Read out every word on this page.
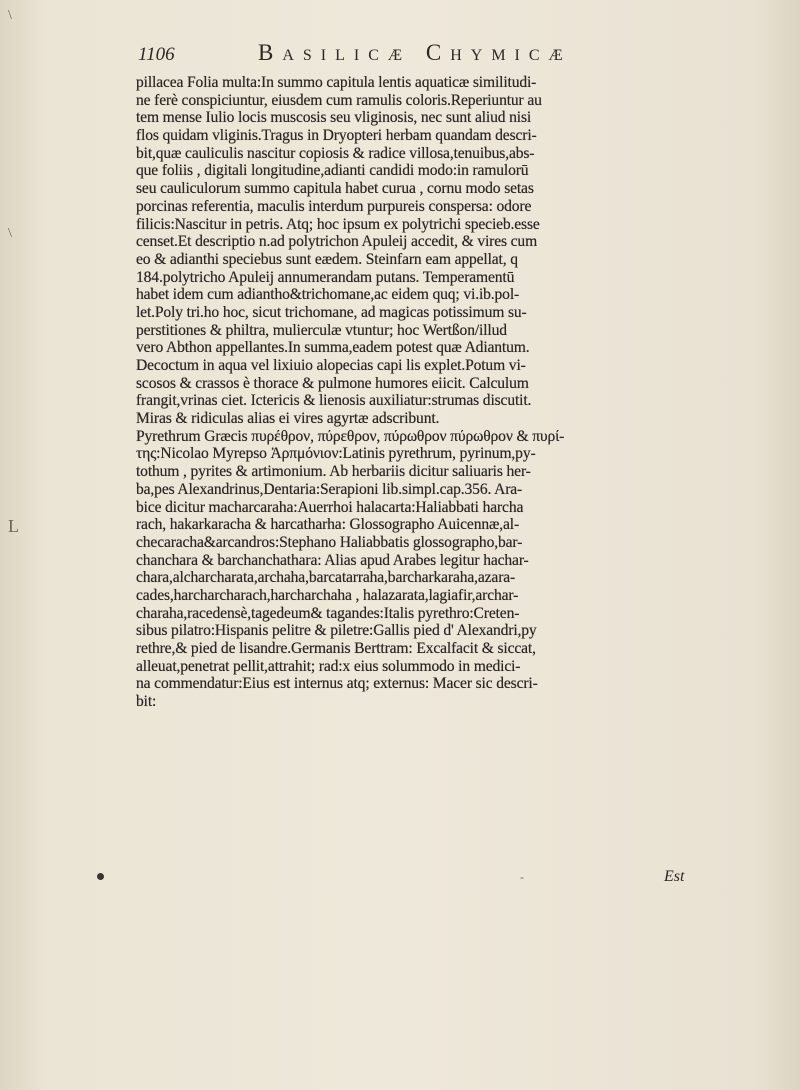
\
\
L
1106	Basilicæ Chymicæ
pillacea Folia multa:In summo capitula lentis aquaticæ similitudi-
ne ferè conspiciuntur, eiusdem cum ramulis coloris.Reperiuntur au
tem mense Iulio locis muscosis seu vliginosis, nec sunt aliud nisi
flos quidam vliginis.Tragus in Dryopteri herbam quandam descri-
bit,quæ cauliculis nascitur copiosis & radice villosa,tenuibus,abs-
que foliis , digitali longitudine,adianti candidi modo:in ramulorū
seu cauliculorum summo capitula habet curua , cornu modo setas
porcinas referentia, maculis interdum purpureis conspersa: odore
filicis:Nascitur in petris. Atq; hoc ipsum ex polytrichi specieb.esse
censet.Et descriptio n.ad polytrichon Apuleij accedit, & vires cum
eo & adianthi speciebus sunt eædem. Steinfarn eam appellat, q
184.polytricho Apuleij annumerandam putans. Temperamentū
habet idem cum adiantho&trichomane,ac eidem quq; vi.ib.pol-
let.Poly tri.ho hoc, sicut trichomane, ad magicas potissimum su-
perstitiones & philtra, mulierculæ vtuntur; hoc Wertßon/illud
vero Abthon appellantes.In summa,eadem potest quæ Adiantum.
Decoctum in aqua vel lixiuio alopecias capi lis explet.Potum vi-
scosos & crassos è thorace & pulmone humores eiicit. Calculum
frangit,vrinas ciet. Ictericis & lienosis auxiliatur:strumas discutit.
Miras & ridiculas alias ei vires agyrtæ adscribunt.
Pyrethrum Græcis πυρέθρον, πύρεθρον, πύρωθρον πύρωθρον & πυρί-
της:Nicolao Myrepso Ἀρπμόνιον:Latinis pyrethrum, pyrinum,py-
tothum , pyrites & artimonium. Ab herbariis dicitur saliuaris her-
ba,pes Alexandrinus,Dentaria:Serapioni lib.simpl.cap.356. Ara-
bice dicitur macharcaraha:Auerrhoi halacarta:Haliabbati harcha
rach, hakarkaracha & harcatharha: Glossographo Auicennæ,al-
checaracha&arcandros:Stephano Haliabbatis glossographo,bar-
chanchara & barchanchathara: Alias apud Arabes legitur hachar-
chara,alcharcharata,archaha,barcatarraha,barcharkaraha,azara-
cades,harcharcharach,harcharchaha , halazarata,lagiafir,archar-
charaha,racedensè,tagedeum& tagandes:Italis pyrethro:Creten-
sibus pilatro:Hispanis pelitre & piletre:Gallis pied d' Alexandri,py
rethre,& pied de lisandre.Germanis Berttram: Excalfacit & siccat,
alleuat,penetrat pellit,attrahit; rad:x eius solummodo in medici-
na commendatur:Eius est internus atq; externus: Macer sic descri-
bit:
-	Est
